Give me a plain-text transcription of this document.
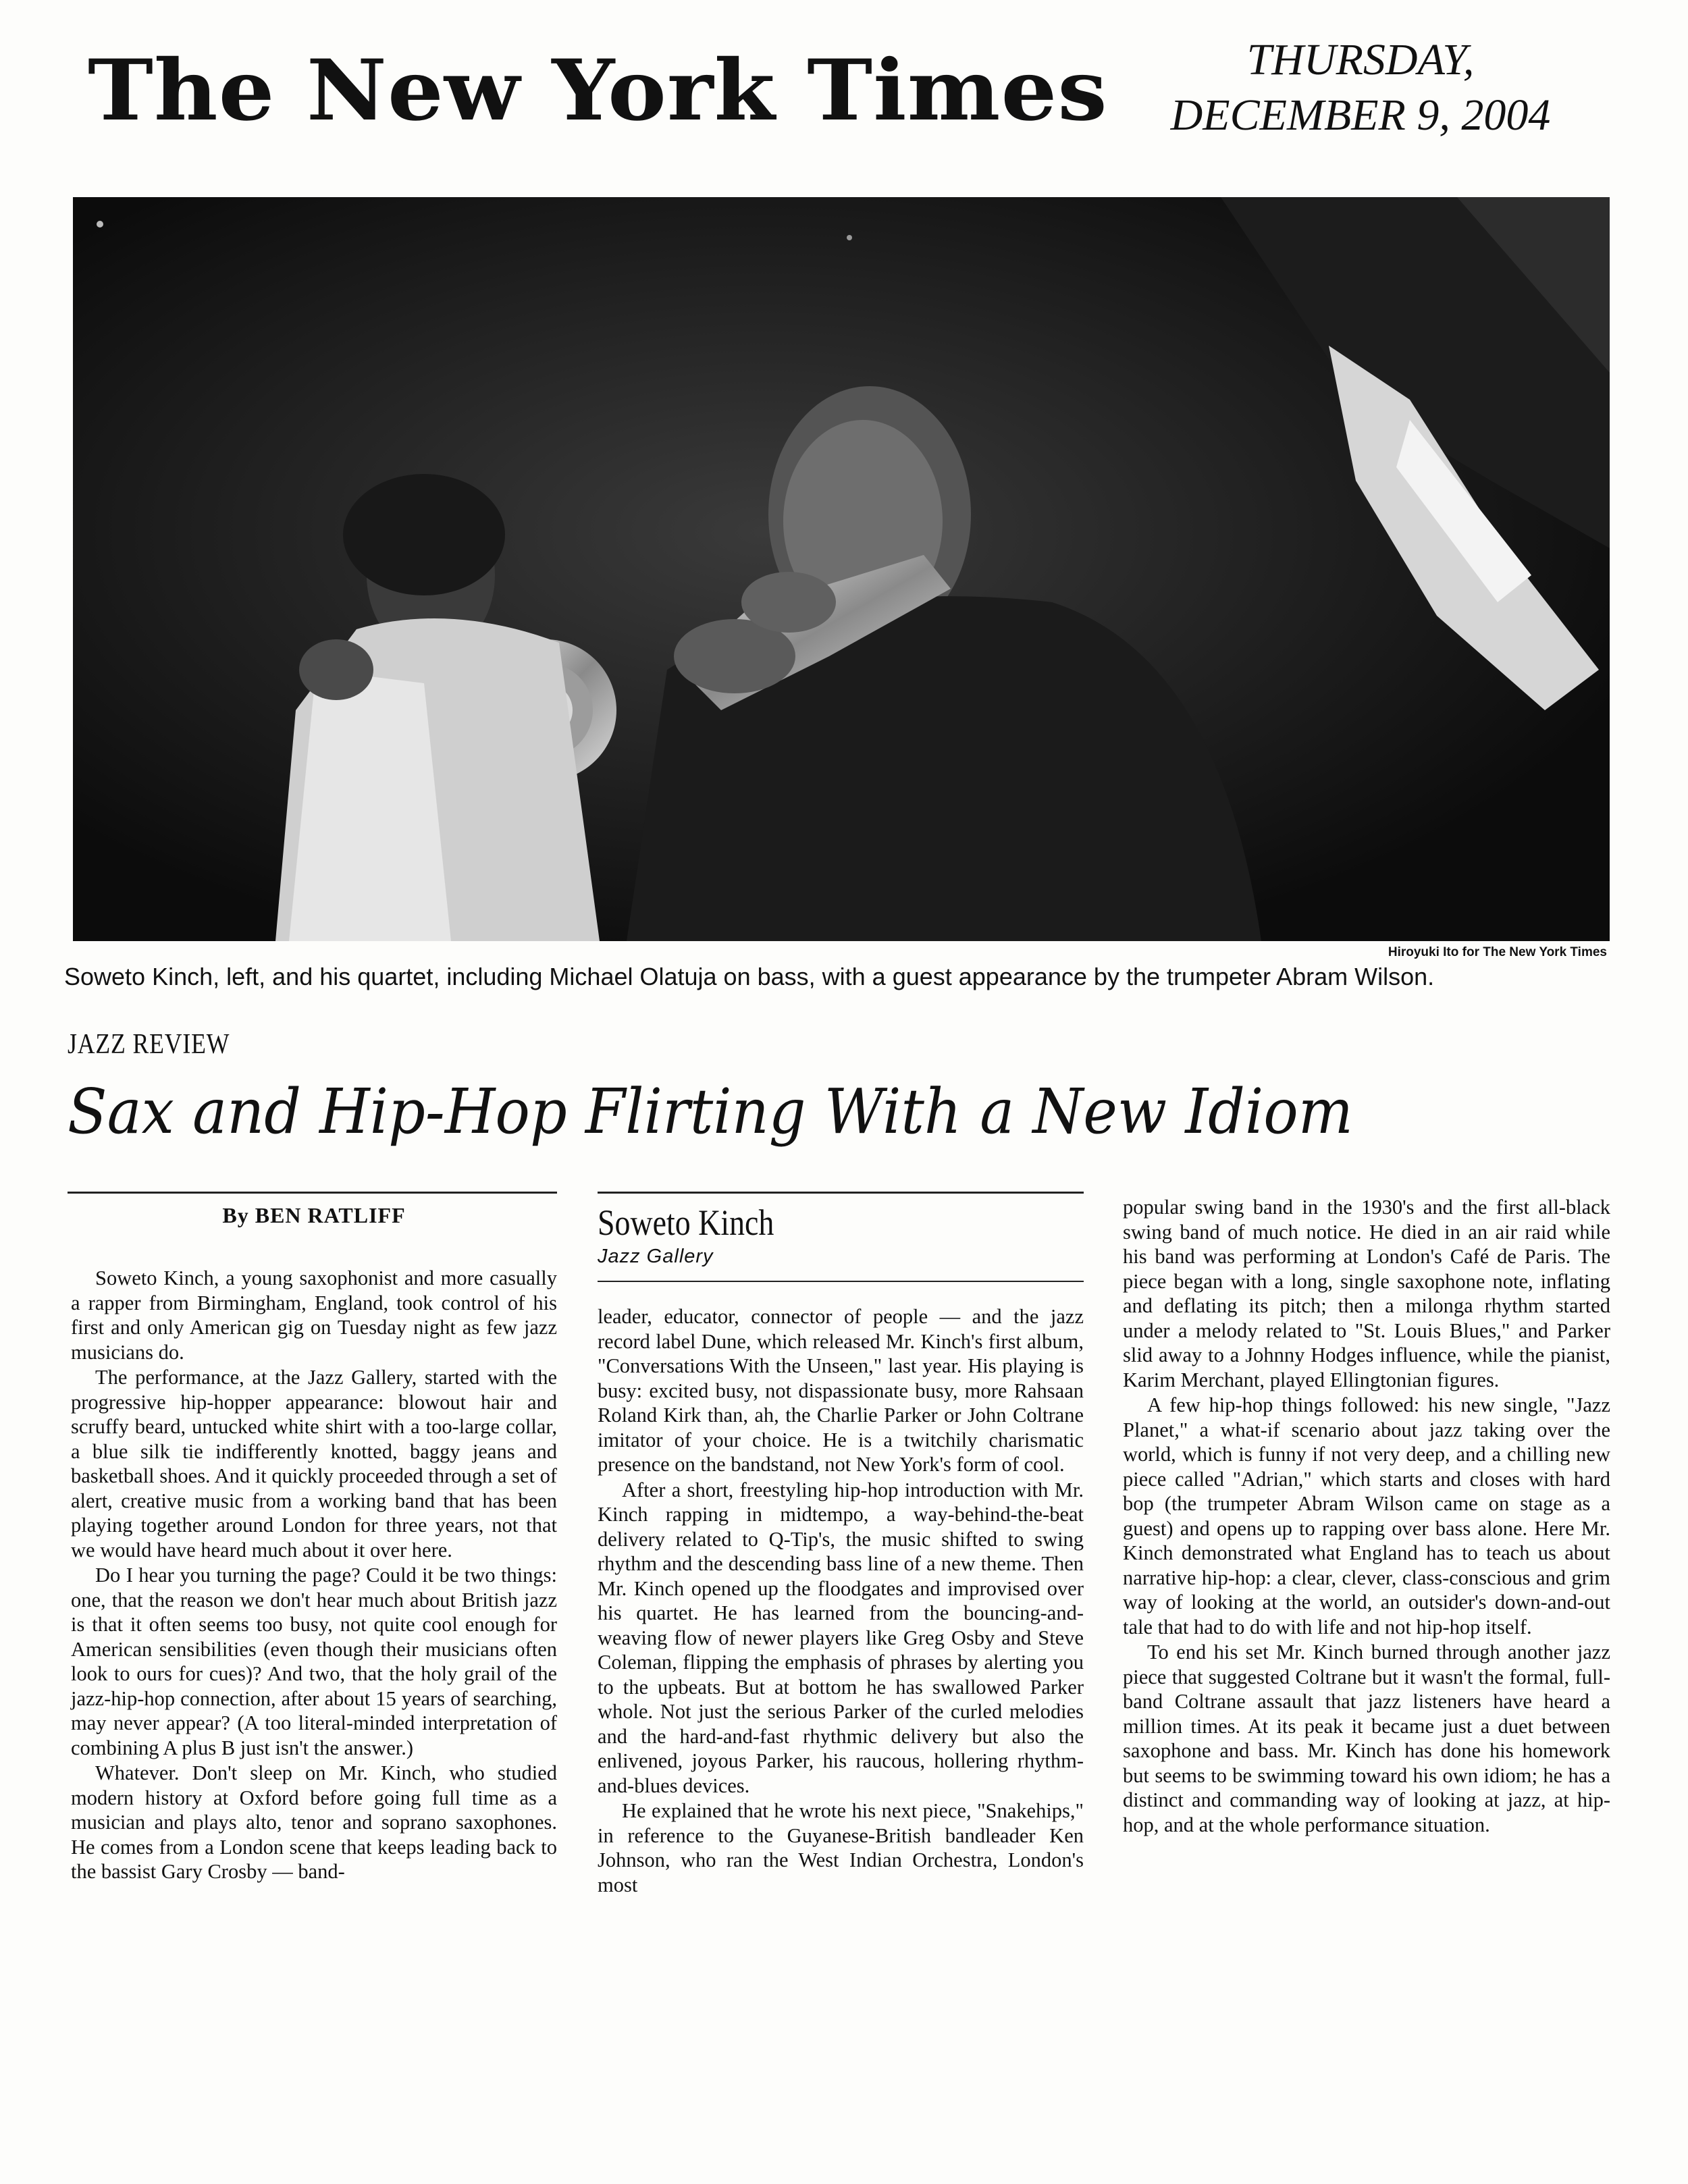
The New York Times	THURSDAY,
DECEMBER 9, 2004
Hiroyuki Ito for The New York Times
Soweto Kinch, left, and his quartet, including Michael Olatuja on bass, with a guest appearance by the trumpeter Abram Wilson.
JAZZ REVIEW
Sax and Hip-Hop Flirting With a New Idiom
By BEN RATLIFF	Soweto Kinch
Jazz Gallery

Soweto Kinch, a young saxophonist and more casually a rapper from Birmingham, England, took control of his first and only American gig on Tuesday night as few jazz musicians do.

The performance, at the Jazz Gallery, started with the progressive hip-hopper appearance: blowout hair and scruffy beard, untucked white shirt with a too-large collar, a blue silk tie indifferently knotted, baggy jeans and basketball shoes. And it quickly proceeded through a set of alert, creative music from a working band that has been playing together around London for three years, not that we would have heard much about it over here.

Do I hear you turning the page? Could it be two things: one, that the reason we don't hear much about British jazz is that it often seems too busy, not quite cool enough for American sensibilities (even though their musicians often look to ours for cues)? And two, that the holy grail of the jazz-hip-hop connection, after about 15 years of searching, may never appear? (A too literal-minded interpretation of combining A plus B just isn't the answer.)

Whatever. Don't sleep on Mr. Kinch, who studied modern history at Oxford before going full time as a musician and plays alto, tenor and soprano saxophones. He comes from a London scene that keeps leading back to the bassist Gary Crosby — band-

leader, educator, connector of people — and the jazz record label Dune, which released Mr. Kinch's first album, "Conversations With the Unseen," last year. His playing is busy: excited busy, not dispassionate busy, more Rahsaan Roland Kirk than, ah, the Charlie Parker or John Coltrane imitator of your choice. He is a twitchily charismatic presence on the bandstand, not New York's form of cool.

After a short, freestyling hip-hop introduction with Mr. Kinch rapping in midtempo, a way-behind-the-beat delivery related to Q-Tip's, the music shifted to swing rhythm and the descending bass line of a new theme. Then Mr. Kinch opened up the floodgates and improvised over his quartet. He has learned from the bouncing-and-weaving flow of newer players like Greg Osby and Steve Coleman, flipping the emphasis of phrases by alerting you to the upbeats. But at bottom he has swallowed Parker whole. Not just the serious Parker of the curled melodies and the hard-and-fast rhythmic delivery but also the enlivened, joyous Parker, his raucous, hollering rhythm-and-blues devices.

He explained that he wrote his next piece, "Snakehips," in reference to the Guyanese-British bandleader Ken Johnson, who ran the West Indian Orchestra, London's most

popular swing band in the 1930's and the first all-black swing band of much notice. He died in an air raid while his band was performing at London's Café de Paris. The piece began with a long, single saxophone note, inflating and deflating its pitch; then a milonga rhythm started under a melody related to "St. Louis Blues," and Parker slid away to a Johnny Hodges influence, while the pianist, Karim Merchant, played Ellingtonian figures.

A few hip-hop things followed: his new single, "Jazz Planet," a what-if scenario about jazz taking over the world, which is funny if not very deep, and a chilling new piece called "Adrian," which starts and closes with hard bop (the trumpeter Abram Wilson came on stage as a guest) and opens up to rapping over bass alone. Here Mr. Kinch demonstrated what England has to teach us about narrative hip-hop: a clear, clever, class-conscious and grim way of looking at the world, an outsider's down-and-out tale that had to do with life and not hip-hop itself.

To end his set Mr. Kinch burned through another jazz piece that suggested Coltrane but it wasn't the formal, full-band Coltrane assault that jazz listeners have heard a million times. At its peak it became just a duet between saxophone and bass. Mr. Kinch has done his homework but seems to be swimming toward his own idiom; he has a distinct and commanding way of looking at jazz, at hip-hop, and at the whole performance situation.
